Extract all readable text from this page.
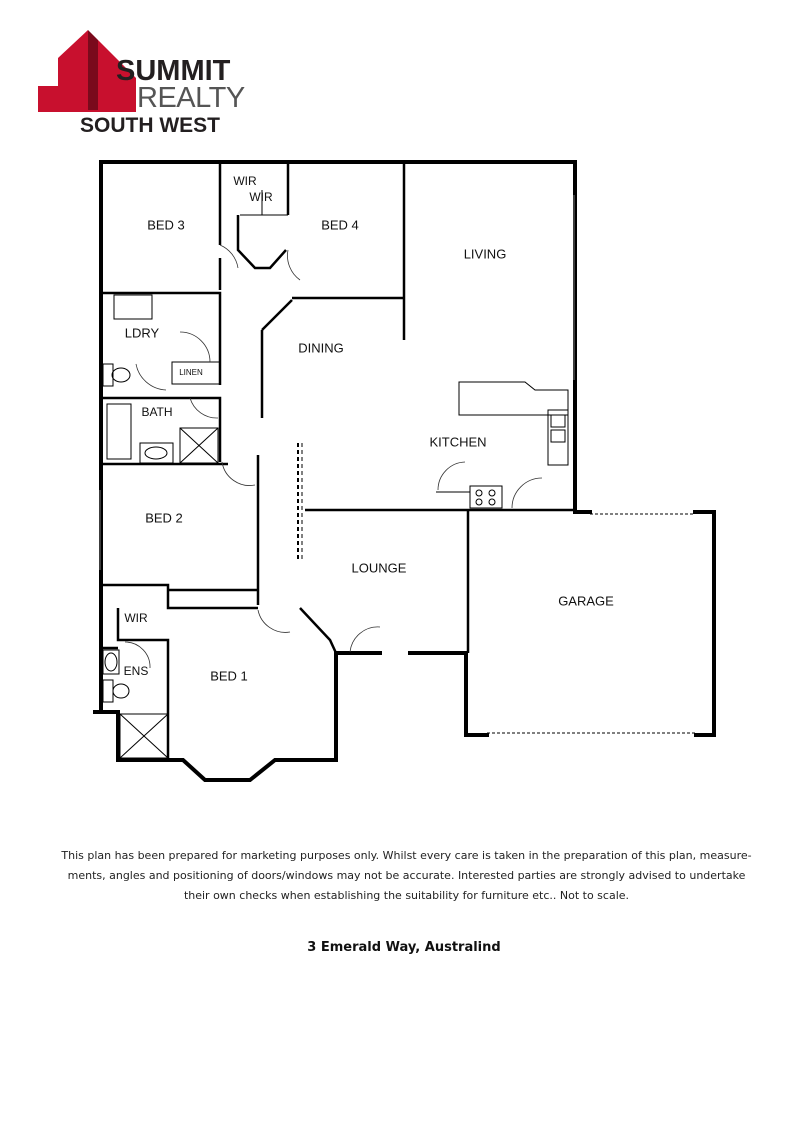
SUMMIT
REALTY
SOUTH WEST
BED 3	BED 4
WIR
WIR
LIVING
LDRY
LINEN
DINING
BATH
KITCHEN
BED 2
LOUNGE
GARAGE
WIR
ENS	BED 1
This plan has been prepared for marketing purposes only. Whilst every care is taken in the preparation of this plan, measure-ments, angles and positioning of doors/windows may not be accurate. Interested parties are strongly advised to undertake their own checks when establishing the suitability for furniture etc.. Not to scale.
3 Emerald Way, Australind
